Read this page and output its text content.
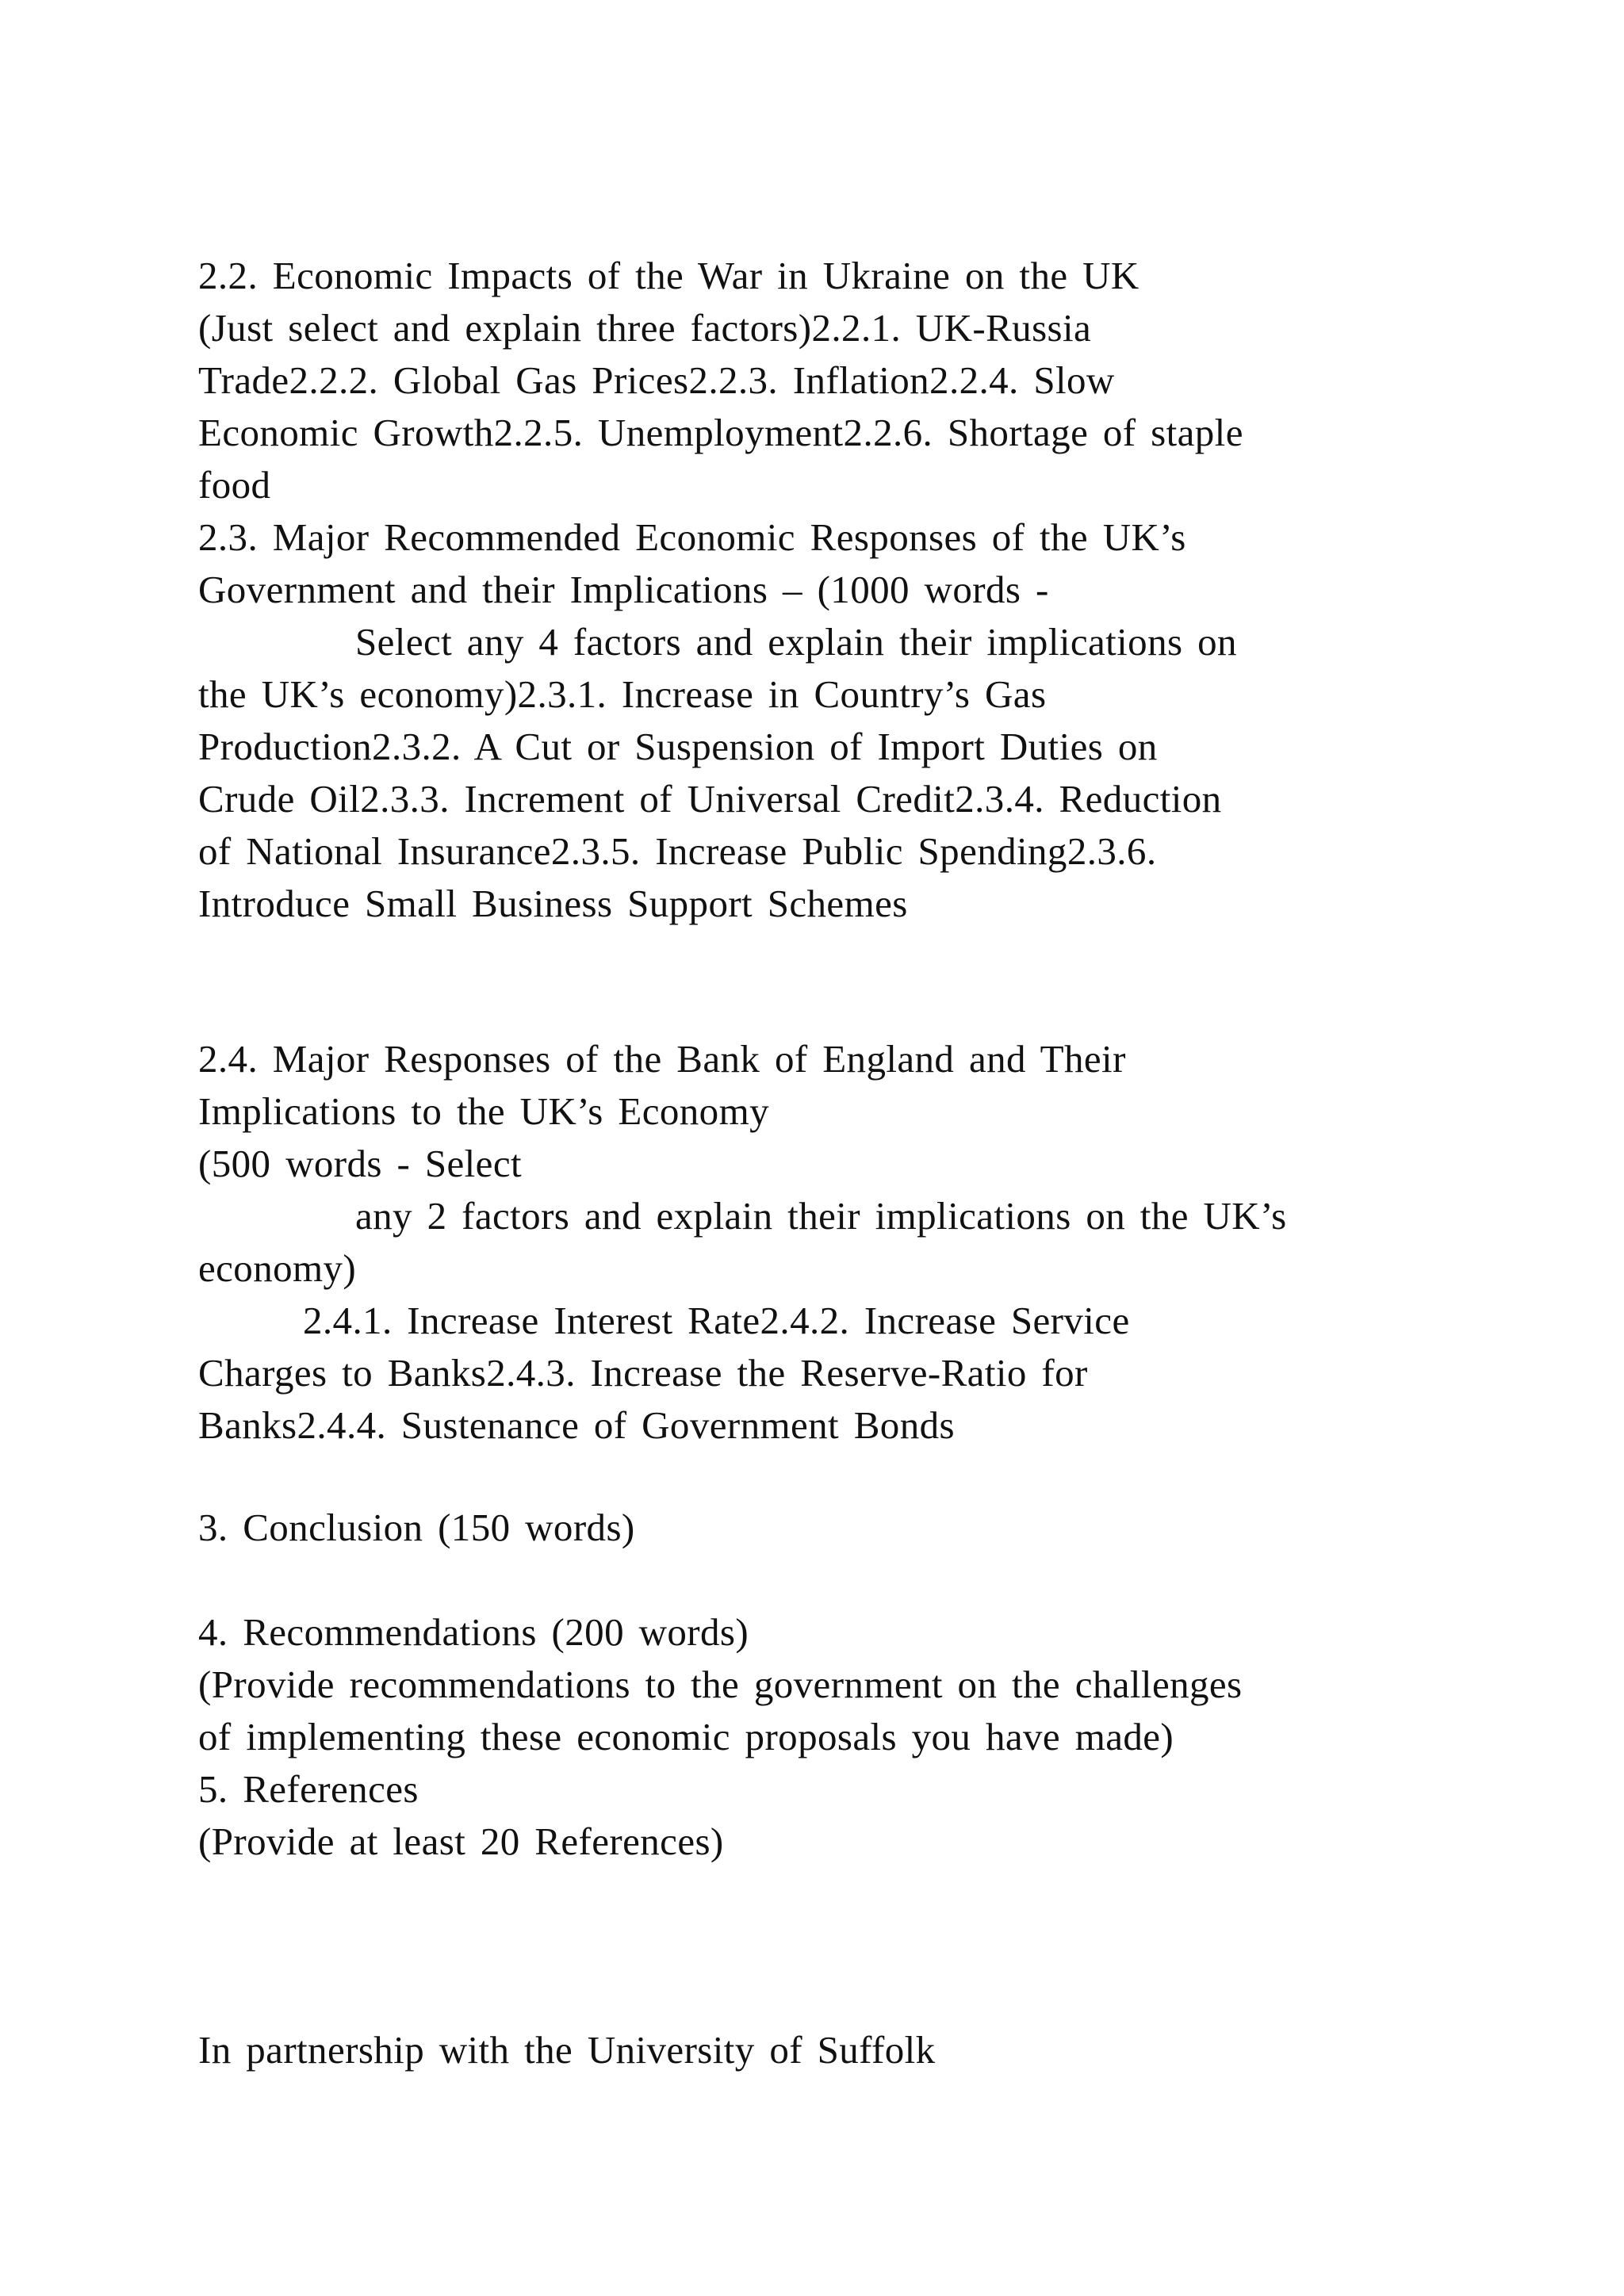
2.2. Economic Impacts of the War in Ukraine on the UK
(Just select and explain three factors)2.2.1. UK-Russia
Trade2.2.2. Global Gas Prices2.2.3. Inflation2.2.4. Slow
Economic Growth2.2.5. Unemployment2.2.6. Shortage of staple
food
2.3. Major Recommended Economic Responses of the UK’s
Government and their Implications – (1000 words -
Select any 4 factors and explain their implications on
the UK’s economy)2.3.1. Increase in Country’s Gas
Production2.3.2. A Cut or Suspension of Import Duties on
Crude Oil2.3.3. Increment of Universal Credit2.3.4. Reduction
of National Insurance2.3.5. Increase Public Spending2.3.6.
Introduce Small Business Support Schemes
2.4. Major Responses of the Bank of England and Their
Implications to the UK’s Economy
(500 words - Select
any 2 factors and explain their implications on the UK’s
economy)
2.4.1. Increase Interest Rate2.4.2. Increase Service
Charges to Banks2.4.3. Increase the Reserve-Ratio for
Banks2.4.4. Sustenance of Government Bonds
3. Conclusion (150 words)
4. Recommendations (200 words)
(Provide recommendations to the government on the challenges
of implementing these economic proposals you have made)
5. References
(Provide at least 20 References)
In partnership with the University of Suffolk
